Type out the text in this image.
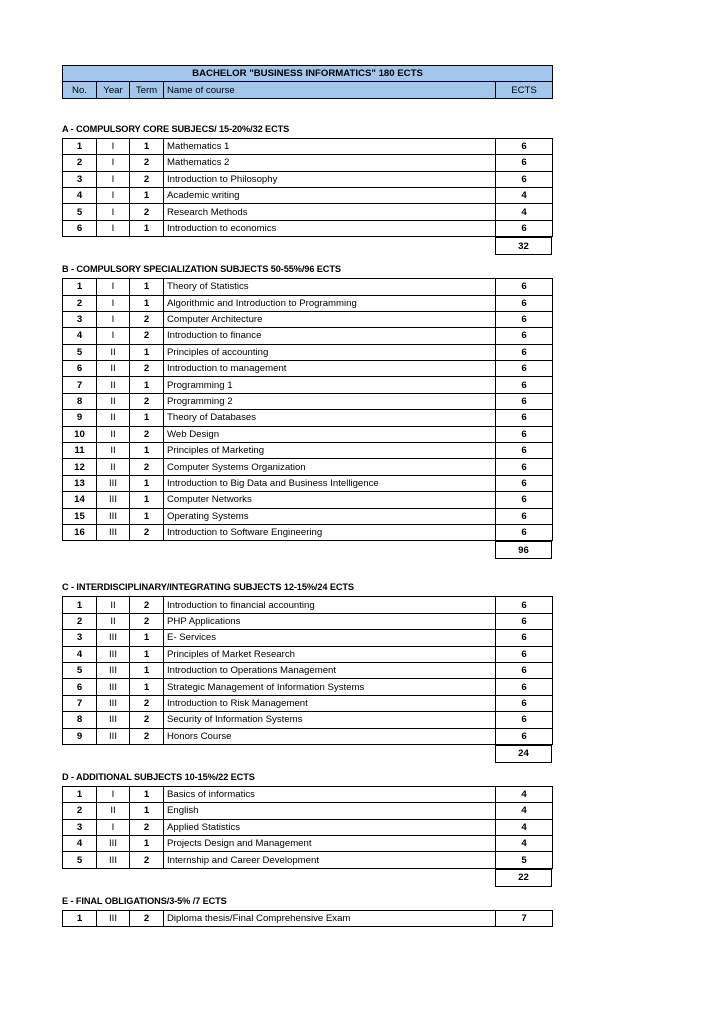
BACHELOR "BUSINESS INFORMATICS" 180 ECTS
No.	Year	Term	Name of course	ECTS
A - COMPULSORY CORE SUBJECS/ 15-20%/32 ECTS
1	I	1	Mathematics 1	6
2	I	2	Mathematics 2	6
3	I	2	Introduction to Philosophy	6
4	I	1	Academic writing	4
5	I	2	Research Methods	4
6	I	1	Introduction to economics	6
32
B - COMPULSORY SPECIALIZATION SUBJECTS 50-55%/96 ECTS
1	I	1	Theory of Statistics	6
2	I	1	Algorithmic and Introduction to Programming	6
3	I	2	Computer Architecture	6
4	I	2	Introduction to finance	6
5	II	1	Principles of accounting	6
6	II	2	Introduction to management	6
7	II	1	Programming 1	6
8	II	2	Programming 2	6
9	II	1	Theory of Databases	6
10	II	2	Web Design	6
11	II	1	Principles of Marketing	6
12	II	2	Computer Systems Organization	6
13	III	1	Introduction to Big Data and Business Intelligence	6
14	III	1	Computer Networks	6
15	III	1	Operating Systems	6
16	III	2	Introduction to Software Engineering	6
96
C - INTERDISCIPLINARY/INTEGRATING SUBJECTS 12-15%/24 ECTS
1	II	2	Introduction to financial accounting	6
2	II	2	PHP Applications	6
3	III	1	E- Services	6
4	III	1	Principles of Market Research	6
5	III	1	Introduction to Operations Management	6
6	III	1	Strategic Management of Information Systems	6
7	III	2	Introduction to Risk Management	6
8	III	2	Security of Information Systems	6
9	III	2	Honors Course	6
24
D - ADDITIONAL SUBJECTS 10-15%/22 ECTS
1	I	1	Basics of informatics	4
2	II	1	English	4
3	I	2	Applied Statistics	4
4	III	1	Projects Design and Management	4
5	III	2	Internship and Career Development	5
22
E - FINAL OBLIGATIONS/3-5% /7 ECTS
1	III	2	Diploma thesis/Final Comprehensive Exam	7
